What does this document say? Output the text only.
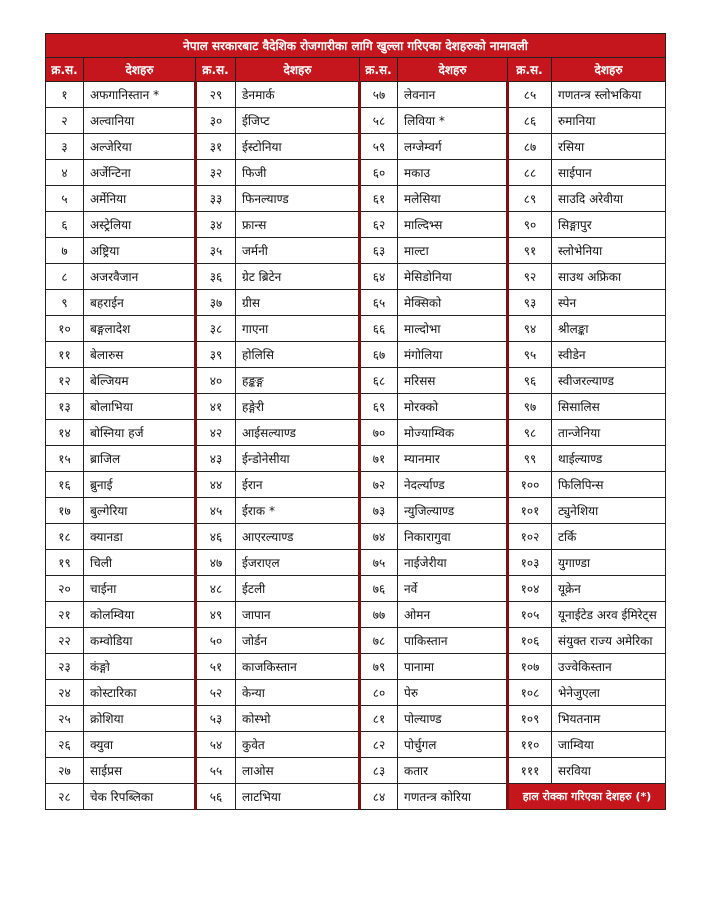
नेपाल सरकारबाट वैदेशिक रोजगारीका लागि खुल्ला गरिएका देशहरुको नामावली							
क्र.स.	देशहरु	क्र.स.	देशहरु	क्र.स.	देशहरु	क्र.स.	देशहरु
१	अफगानिस्तान *	२९	डेनमार्क	५७	लेवनान	८५	गणतन्त्र स्लोभकिया
२	अल्वानिया	३०	ईजिप्ट	५८	लिविया *	८६	रुमानिया
३	अल्जेरिया	३१	ईस्टोनिया	५९	लग्जेम्वर्ग	८७	रसिया
४	अर्जेन्टिना	३२	फिजी	६०	मकाउ	८८	साईपान
५	अर्मेनिया	३३	फिनल्याण्ड	६१	मलेसिया	८९	साउदि अरेवीया
६	अस्ट्रेलिया	३४	फ्रान्स	६२	माल्दिभ्स	९०	सिङ्गापुर
७	अष्ट्रिया	३५	जर्मनी	६३	माल्टा	९१	स्लोभेनिया
८	अजरवैजान	३६	ग्रेट ब्रिटेन	६४	मेसिडोनिया	९२	साउथ अफ्रिका
९	बहराईन	३७	ग्रीस	६५	मेक्सिको	९३	स्पेन
१०	बङ्गलादेश	३८	गाएना	६६	माल्दोभा	९४	श्रीलङ्का
११	बेलारुस	३९	होलिसि	६७	मंगोलिया	९५	स्वीडेन
१२	बेल्जियम	४०	हङ्कङ्ग	६८	मरिसस	९६	स्वीजरल्याण्ड
१३	बोलाभिया	४१	हङ्गेरी	६९	मोरक्को	९७	सिसालिस
१४	बोस्निया हर्ज	४२	आईसल्याण्ड	७०	मोज्याम्विक	९८	तान्जेनिया
१५	ब्राजिल	४३	ईन्डोनेसीया	७१	म्यानमार	९९	थाईल्याण्ड
१६	ब्रुनाई	४४	ईरान	७२	नेदर्ल्याण्ड	१००	फिलिपिन्स
१७	बुल्गेरिया	४५	ईराक *	७३	न्युजिल्याण्ड	१०१	ट्युनेशिया
१८	क्यानडा	४६	आएरल्याण्ड	७४	निकारागुवा	१०२	टर्कि
१९	चिली	४७	ईजराएल	७५	नाईजेरीया	१०३	युगाण्डा
२०	चाईना	४८	ईटली	७६	नर्वे	१०४	यूक्रेन
२१	कोलम्विया	४९	जापान	७७	ओमन	१०५	यूनाईटेड अरव ईमिरेट्स
२२	कम्वोडिया	५०	जोर्डन	७८	पाकिस्तान	१०६	संयुक्त राज्य अमेरिका
२३	कंङ्गो	५१	काजकिस्तान	७९	पानामा	१०७	उज्वेकिस्तान
२४	कोस्टारिका	५२	केन्या	८०	पेरु	१०८	भेनेजुएला
२५	क्रोशिया	५३	कोस्भो	८१	पोल्याण्ड	१०९	भियतनाम
२६	क्युवा	५४	कुवेत	८२	पोर्चुगल	११०	जाम्विया
२७	साईप्रस	५५	लाओस	८३	कतार	१११	सरविया
२८	चेक रिपब्लिका	५६	लाटभिया	८४	गणतन्त्र कोरिया	हाल रोक्का गरिएका देशहरु (*)	
